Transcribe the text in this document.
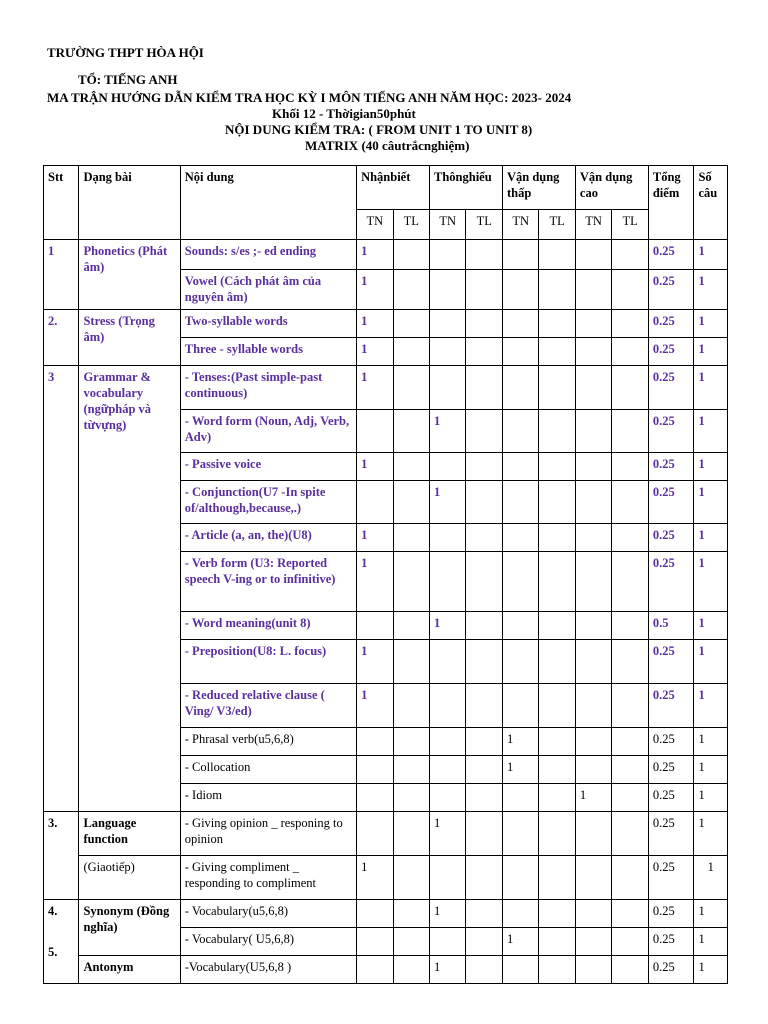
TRƯỜNG THPT HÒA HỘI
TỔ: TIẾNG ANH
MA TRẬN HƯỚNG DẪN KIỂM TRA HỌC KỲ I MÔN TIẾNG ANH NĂM HỌC: 2023- 2024
Khối 12 - Thờigian50phút
NỘI DUNG KIỂM TRA: ( FROM UNIT 1 TO UNIT 8)
MATRIX (40 câutrắcnghiệm)
Stt	Dạng bài	Nội dung	Nhậnbiết		Thônghiểu		Vận dụng thấp		Vận dụng cao		Tổng điểm	Số câu
			TN	TL	TN	TL	TN	TL	TN	TL		
1	Phonetics (Phát âm)	Sounds: s/es ;- ed ending	1								0.25	1
		Vowel (Cách phát âm của nguyên âm)	1								0.25	1
2.	Stress (Trọng âm)	Two-syllable words	1								0.25	1
		Three - syllable words	1								0.25	1
3	Grammar & vocabulary (ngữpháp và từvựng)	- Tenses:(Past simple-past continuous)	1								0.25	1
		- Word form (Noun, Adj, Verb, Adv)			1						0.25	1
		- Passive voice	1								0.25	1
		- Conjunction(U7 -In spite of/although,because,.)			1						0.25	1
		- Article (a, an, the)(U8)	1								0.25	1
		- Verb form (U3: Reported speech V-ing or to infinitive)	1								0.25	1
		- Word meaning(unit 8)			1						0.5	1
		- Preposition(U8: L. focus)	1								0.25	1
		- Reduced relative clause ( Ving/ V3/ed)	1								0.25	1
		- Phrasal verb(u5,6,8)					1				0.25	1
		- Collocation					1				0.25	1
		- Idiom							1		0.25	1
3.	Language function	- Giving opinion _ responing to opinion			1						0.25	1
	(Giaotiếp)	- Giving compliment _ responding to compliment	1								0.25	1

4.
5.	Synonym (Đồng nghĩa)	- Vocabulary(u5,6,8)			1						0.25	1
		- Vocabulary( U5,6,8)					1				0.25	1
	Antonym	-Vocabulary(U5,6,8 )			1						0.25	1
